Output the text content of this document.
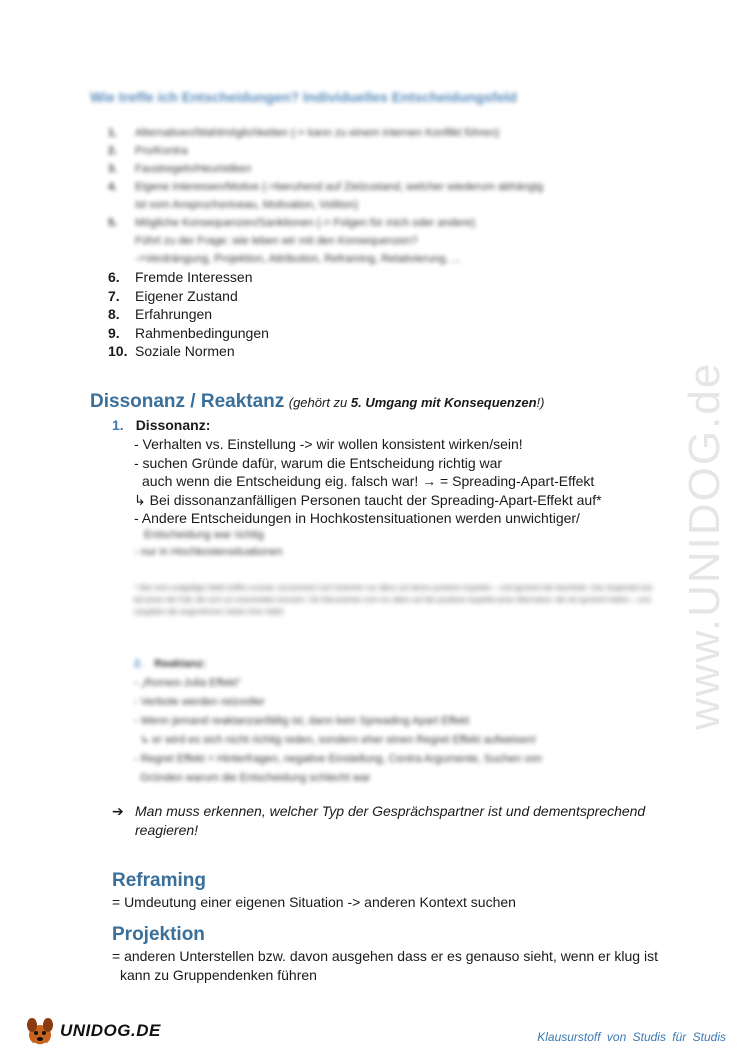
www.UNIDOG.de
Wie treffe ich Entscheidungen? Individuelles Entscheidungsfeld
1. Alternativen/Wahlmöglichkeiten (-> kann zu einem internen Konflikt führen)
2. Pro/Kontra
3. Faustregeln/Heuristiken
4. Eigene Interessen/Motive (->beruhend auf Zielzustand, welcher wiederum abhängig
ist vom Anspruchsniveau, Motivation, Volition)
5. Mögliche Konsequenzen/Sanktionen (-> Folgen für mich oder andere)
Führt zu der Frage: wie leben wir mit den Konsequenzen?
->Verdrängung, Projektion, Attribution, Reframing, Relativierung, ...
6. Fremde Interessen
7. Eigener Zustand
8. Erfahrungen
9. Rahmenbedingungen
10. Soziale Normen
Dissonanz / Reaktanz (gehört zu 5. Umgang mit Konsequenzen!)
1. Dissonanz:
- Verhalten vs. Einstellung -> wir wollen konsistent wirken/sein!
- suchen Gründe dafür, warum die Entscheidung richtig war
auch wenn die Entscheidung eig. falsch war! → = Spreading-Apart-Effekt
↳ Bei dissonanzanfälligen Personen taucht der Spreading-Apart-Effekt auf*
- Andere Entscheidungen in Hochkostensituationen werden unwichtiger/
Entscheidung war richtig
- nur in Hochkostensituationen
* Wer eine endgültige Wahl treffen musste, konzentriert sich hinterher vor allem auf deren positiven Aspekte – und ignoriert die Nachteile. Das Gegenteil war bei jenen der Fall, die sich um entscheiden konnten: Sie fokussierten sich vor allem auf die positiven Aspekte jener Alternative, die sie ignoriert hatten – und vergaßen die angenehmen Seiten ihrer Wahl.
2. Reaktanz:
- „Romeo-Julia Effekt“
- Verbote werden reizvoller
- Wenn jemand reaktanzanfällig ist, dann kein Spreading Apart Effekt
↳ er wird es sich nicht richtig reden, sondern eher einen Regret Effekt aufweisen!
- Regret Effekt = Hinterfragen, negative Einstellung, Contra Argumente, Suchen von
Gründen warum die Entscheidung schlecht war
➔ Man muss erkennen, welcher Typ der Gesprächspartner ist und dementsprechend reagieren!
Reframing
= Umdeutung einer eigenen Situation -> anderen Kontext suchen
Projektion
= anderen Unterstellen bzw. davon ausgehen dass er es genauso sieht, wenn er klug ist
kann zu Gruppendenken führen
UNIDOG.DE	Klausurstoff von Studis für Studis
